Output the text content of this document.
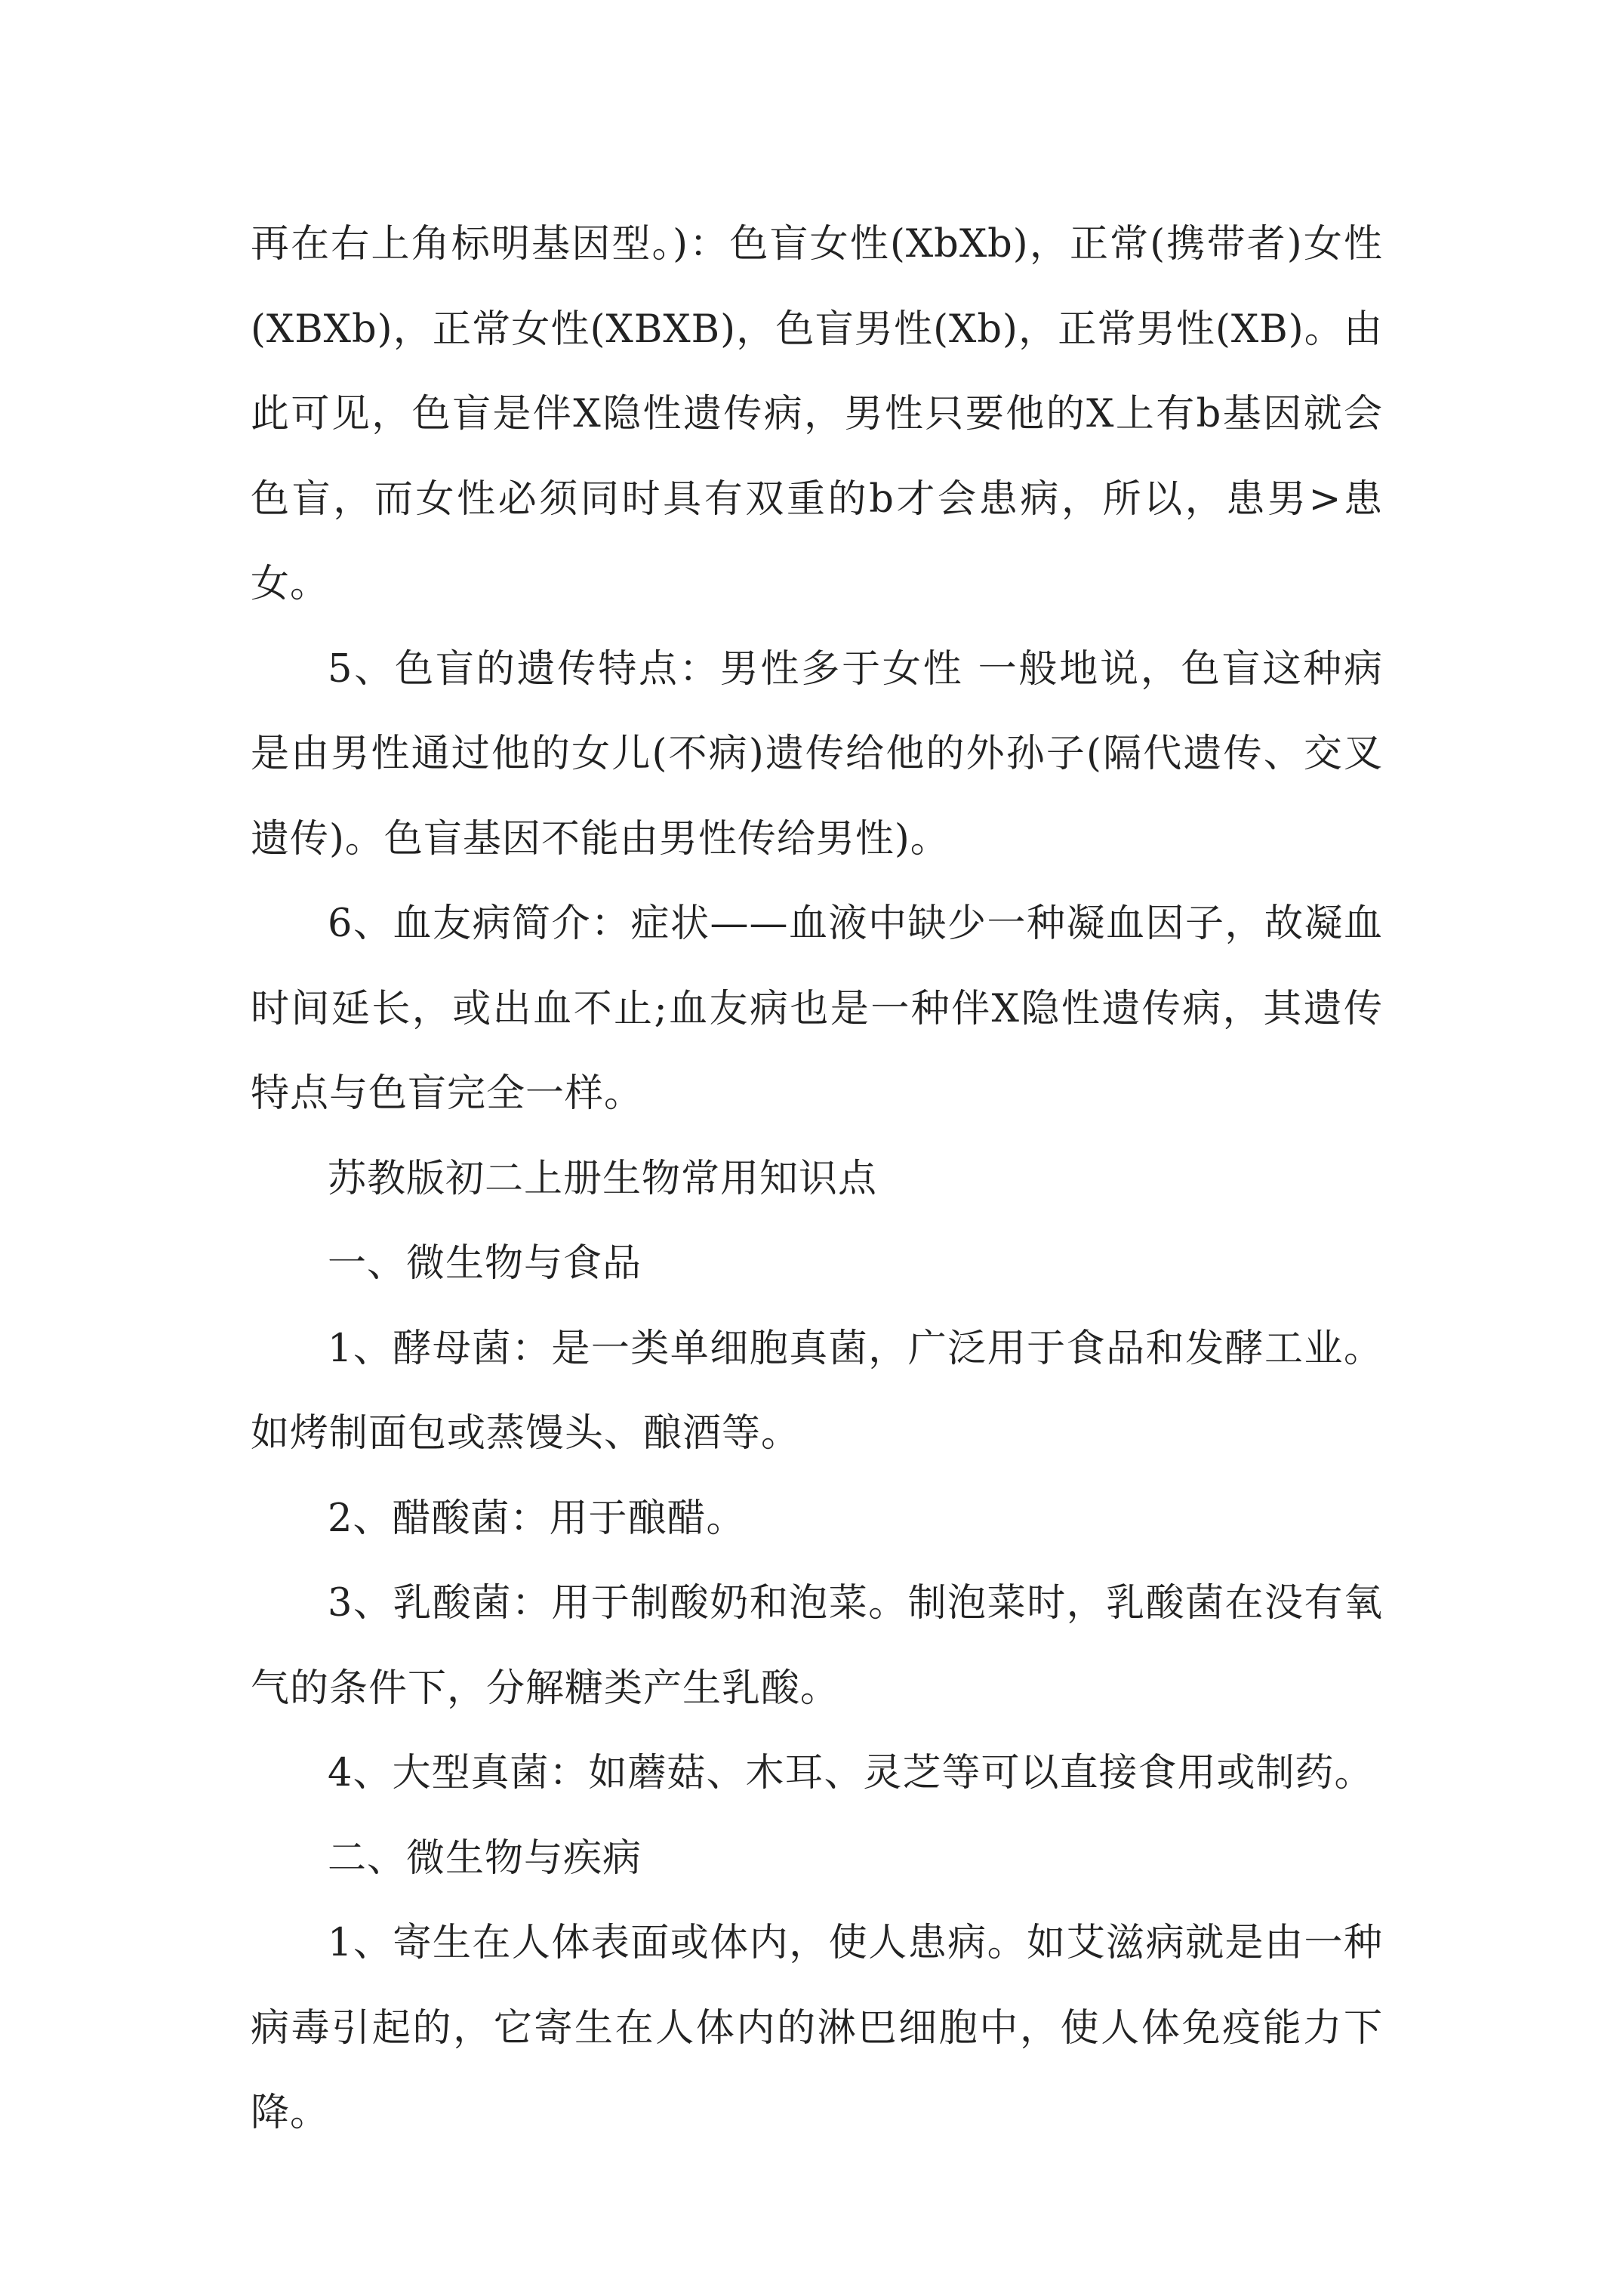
再在右上角标明基因型。)：色盲女性(XbXb)，正常(携带者)女性(XBXb)，正常女性(XBXB)，色盲男性(Xb)，正常男性(XB)。由此可见，色盲是伴X隐性遗传病，男性只要他的X上有b基因就会色盲，而女性必须同时具有双重的b才会患病，所以，患男>患女。

5、色盲的遗传特点：男性多于女性 一般地说，色盲这种病是由男性通过他的女儿(不病)遗传给他的外孙子(隔代遗传、交叉遗传)。色盲基因不能由男性传给男性)。

6、血友病简介：症状——血液中缺少一种凝血因子，故凝血时间延长，或出血不止;血友病也是一种伴X隐性遗传病，其遗传特点与色盲完全一样。

苏教版初二上册生物常用知识点

一、微生物与食品

1、酵母菌：是一类单细胞真菌，广泛用于食品和发酵工业。如烤制面包或蒸馒头、酿酒等。

2、醋酸菌：用于酿醋。

3、乳酸菌：用于制酸奶和泡菜。制泡菜时，乳酸菌在没有氧气的条件下，分解糖类产生乳酸。

4、大型真菌：如蘑菇、木耳、灵芝等可以直接食用或制药。

二、微生物与疾病

1、寄生在人体表面或体内，使人患病。如艾滋病就是由一种病毒引起的，它寄生在人体内的淋巴细胞中，使人体免疫能力下降。
